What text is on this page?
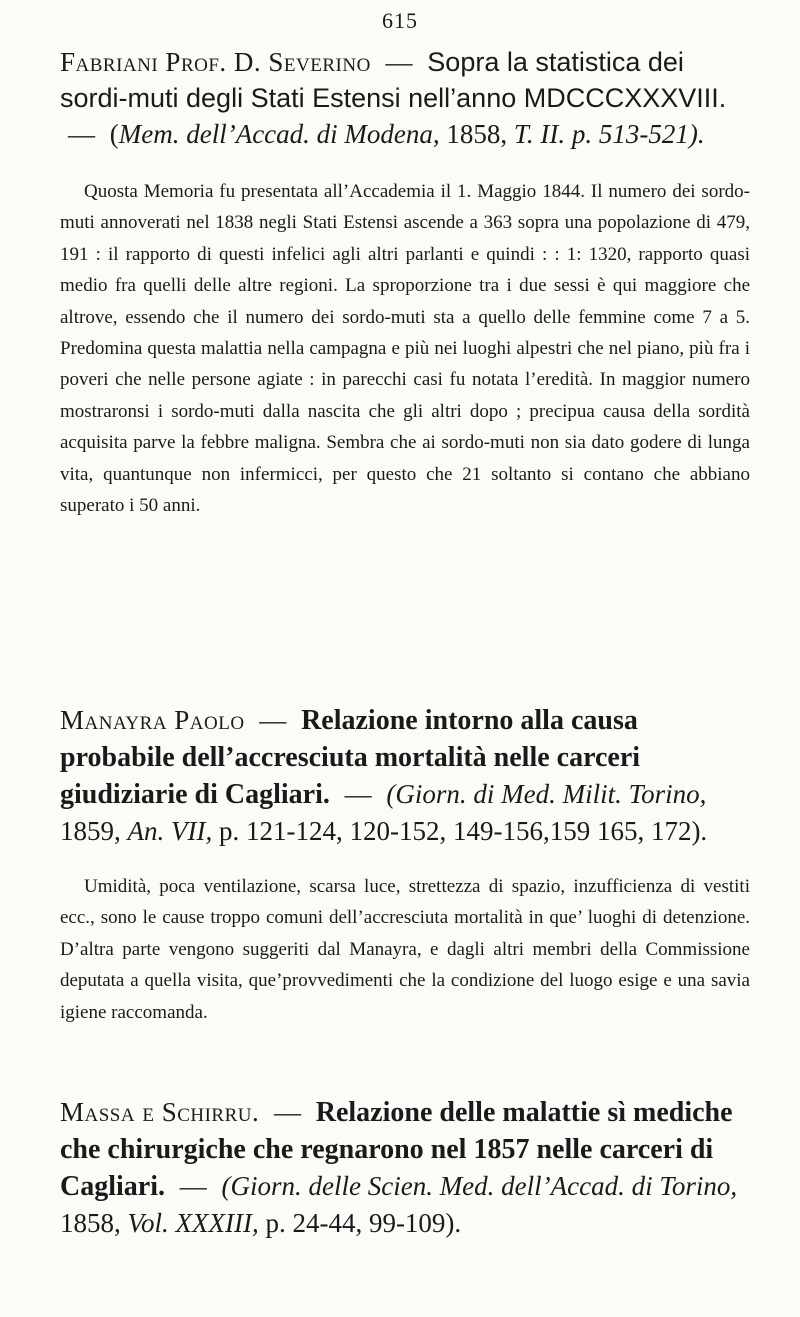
615

Fabriani Prof. D. Severino — Sopra la statistica dei sordi-muti degli Stati Estensi nell’anno MDCCCXXXVIII. — (Mem. dell’Accad. di Modena, 1858, T. II. p. 513-521).

Quosta Memoria fu presentata all’Accademia il 1. Maggio 1844. Il numero dei sordo-muti annoverati nel 1838 negli Stati Estensi ascende a 363 sopra una popolazione di 479, 191 : il rapporto di questi infelici agli altri parlanti e quindi : : 1: 1320, rapporto quasi medio fra quelli delle altre regioni. La sproporzione tra i due sessi è qui maggiore che altrove, essendo che il numero dei sordo-muti sta a quello delle femmine come 7 a 5. Predomina questa malattia nella campagna e più nei luoghi alpestri che nel piano, più fra i poveri che nelle persone agiate : in parecchi casi fu notata l’eredità. In maggior numero mostraronsi i sordo-muti dalla nascita che gli altri dopo ; precipua causa della sordità acquisita parve la febbre maligna. Sembra che ai sordo-muti non sia dato godere di lunga vita, quantunque non infermicci, per questo che 21 soltanto si contano che abbiano superato i 50 anni.

Manayra Paolo — Relazione intorno alla causa probabile dell’accresciuta mortalità nelle carceri giudiziarie di Cagliari. — (Giorn. di Med. Milit. Torino, 1859, An. VII, p. 121-124, 120-152, 149-156,159 165, 172).

Umidità, poca ventilazione, scarsa luce, strettezza di spazio, inzufficienza di vestiti ecc., sono le cause troppo comuni dell’accresciuta mortalità in que’ luoghi di detenzione. D’altra parte vengono suggeriti dal Manayra, e dagli altri membri della Commissione deputata a quella visita, que’provvedimenti che la condizione del luogo esige e una savia igiene raccomanda.

Massa e Schirru. — Relazione delle malattie sì mediche che chirurgiche che regnarono nel 1857 nelle carceri di Cagliari. — (Giorn. delle Scien. Med. dell’Accad. di Torino, 1858, Vol. XXXIII, p. 24-44, 99-109).
